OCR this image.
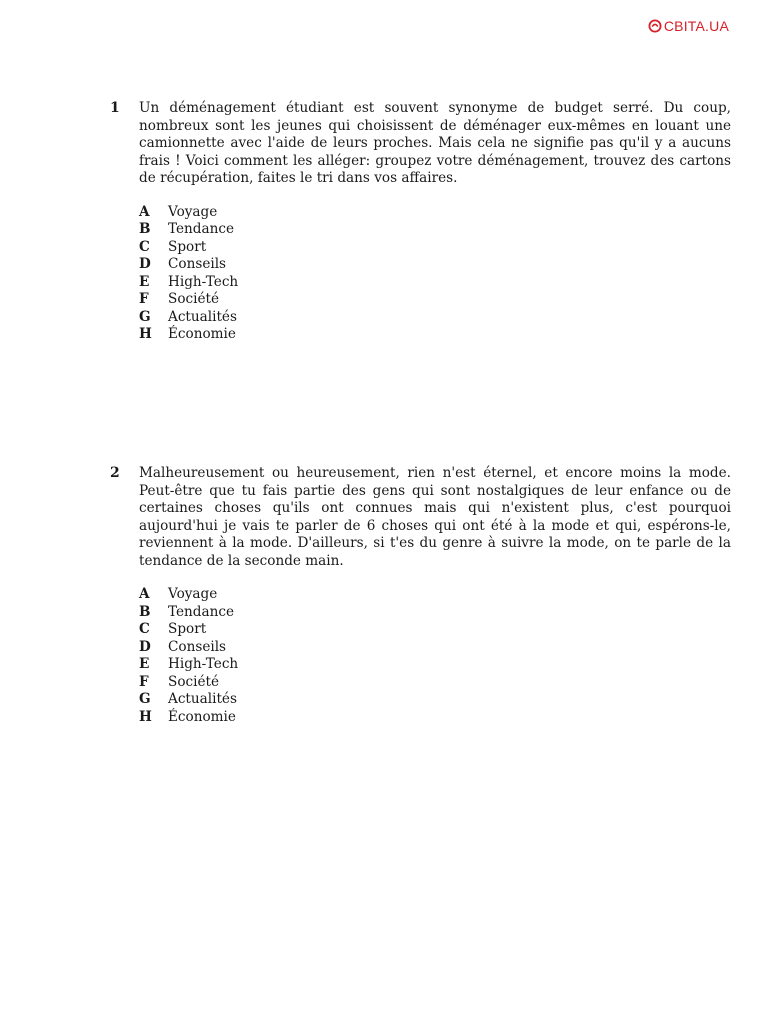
CBITA.UA
1 Un déménagement étudiant est souvent synonyme de budget serré. Du coup, nombreux sont les jeunes qui choisissent de déménager eux-mêmes en louant une camionnette avec l'aide de leurs proches. Mais cela ne signifie pas qu'il y a aucuns frais ! Voici comment les alléger: groupez votre déménagement, trouvez des cartons de récupération, faites le tri dans vos affaires.
A	Voyage
B	Tendance
C	Sport
D	Conseils
E	High-Tech
F	Société
G	Actualités
H	Économie
2 Malheureusement ou heureusement, rien n'est éternel, et encore moins la mode. Peut-être que tu fais partie des gens qui sont nostalgiques de leur enfance ou de certaines choses qu'ils ont connues mais qui n'existent plus, c'est pourquoi aujourd'hui je vais te parler de 6 choses qui ont été à la mode et qui, espérons-le, reviennent à la mode. D'ailleurs, si t'es du genre à suivre la mode, on te parle de la tendance de la seconde main.
A	Voyage
B	Tendance
C	Sport
D	Conseils
E	High-Tech
F	Société
G	Actualités
H	Économie
